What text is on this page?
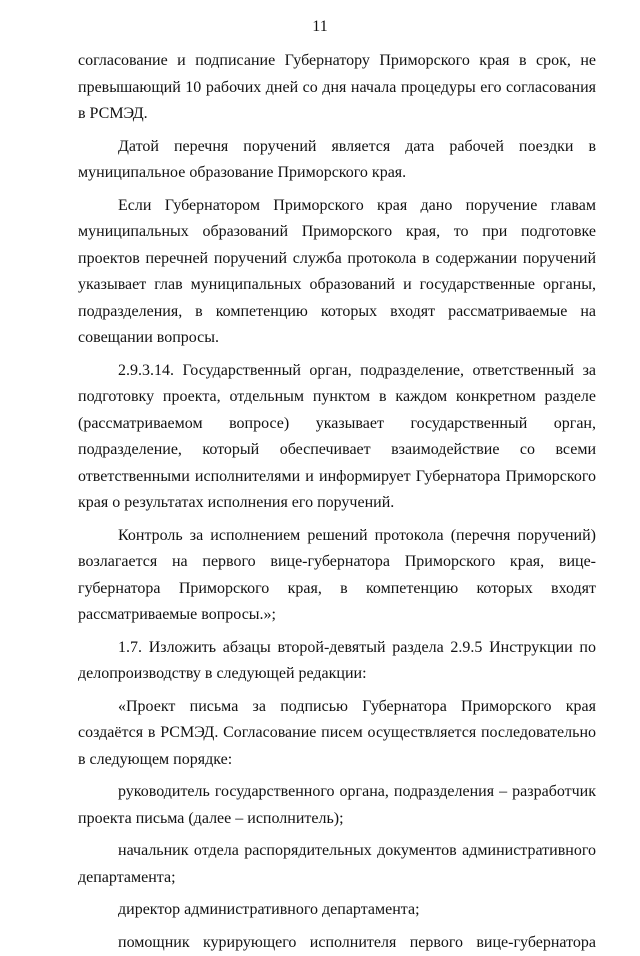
11

согласование и подписание Губернатору Приморского края в срок, не превышающий 10 рабочих дней со дня начала процедуры его согласования в РСМЭД.

Датой перечня поручений является дата рабочей поездки в муниципальное образование Приморского края.

Если Губернатором Приморского края дано поручение главам муниципальных образований Приморского края, то при подготовке проектов перечней поручений служба протокола в содержании поручений указывает глав муниципальных образований и государственные органы, подразделения, в компетенцию которых входят рассматриваемые на совещании вопросы.

2.9.3.14. Государственный орган, подразделение, ответственный за подготовку проекта, отдельным пунктом в каждом конкретном разделе (рассматриваемом вопросе) указывает государственный орган, подразделение, который обеспечивает взаимодействие со всеми ответственными исполнителями и информирует Губернатора Приморского края о результатах исполнения его поручений.

Контроль за исполнением решений протокола (перечня поручений) возлагается на первого вице-губернатора Приморского края, вице-губернатора Приморского края, в компетенцию которых входят рассматриваемые вопросы.»;

1.7. Изложить абзацы второй-девятый раздела 2.9.5 Инструкции по делопроизводству в следующей редакции:

«Проект письма за подписью Губернатора Приморского края создаётся в РСМЭД. Согласование писем осуществляется последовательно в следующем порядке:

руководитель государственного органа, подразделения – разработчик проекта письма (далее – исполнитель);

начальник отдела распорядительных документов административного департамента;

директор административного департамента;

помощник курирующего исполнителя первого вице-губернатора
